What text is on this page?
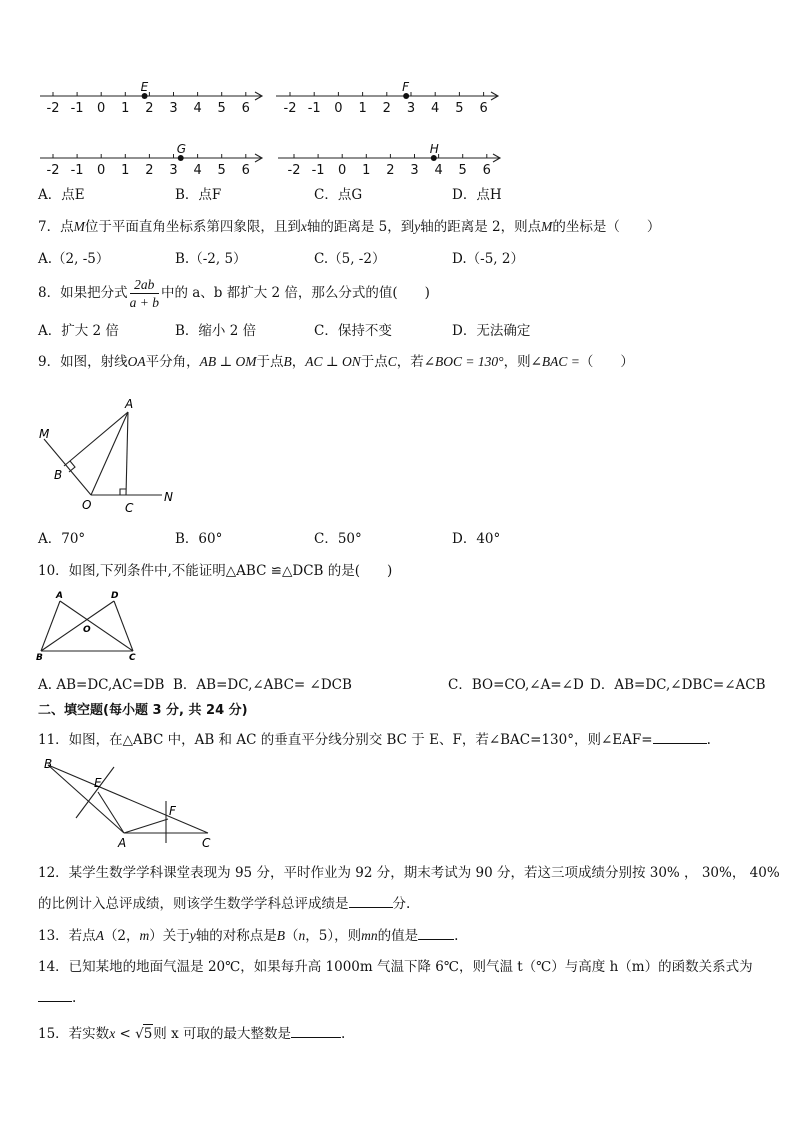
-2 -1 0 1 2 3 4 5 6
E
-2 -1 0 1 2 3 4 5 6
F
-2 -1 0 1 2 3 4 5 6
G
-2 -1 0 1 2 3 4 5 6
H
A．点E	B．点F	C．点G	D．点H
7．点M位于平面直角坐标系第四象限，且到x轴的距离是 5，到y轴的距离是 2，则点M的坐标是（　　）
A.（2, -5）	B.（-2, 5）	C.（5, -2）	D.（-5, 2）
8．如果把分式 $\frac{2ab}{a + b}$ 中的 a、b 都扩大 2 倍，那么分式的值(　　)
A．扩大 2 倍	B．缩小 2 倍	C．保持不变	D．无法确定
9．如图，射线OA平分角，AB ⊥ OM于点B，AC ⊥ ON于点C，若∠BOC = 130°，则∠BAC =（　　）
M
A
B
O	C
N
A．70°	B．60°	C．50°	D．40°
10．如图,下列条件中,不能证明△ABC ≌△DCB 的是(　　)
A	D
O
B	C
A. AB=DC,AC=DB B．AB=DC,∠ABC= ∠DCB	C．BO=CO,∠A=∠D D．AB=DC,∠DBC=∠ACB
二、填空题(每小题 3 分, 共 24 分)
11．如图，在△ABC 中，AB 和 AC 的垂直平分线分别交 BC 于 E、F，若∠BAC=130°，则∠EAF=	.
B
E
F
A	C
12．某学生数学学科课堂表现为 95 分，平时作业为 92 分，期末考试为 90 分，若这三项成绩分别按 30% ， 30%， 40%
的比例计入总评成绩，则该学生数学学科总评成绩是	分.
13．若点A（2，m）关于y轴的对称点是B（n，5），则mn的值是	.
14．已知某地的地面气温是 20℃，如果每升高 1000m 气温下降 6℃，则气温 t（℃）与高度 h（m）的函数关系式为
.
15．若实数x < √5则 x 可取的最大整数是	.
